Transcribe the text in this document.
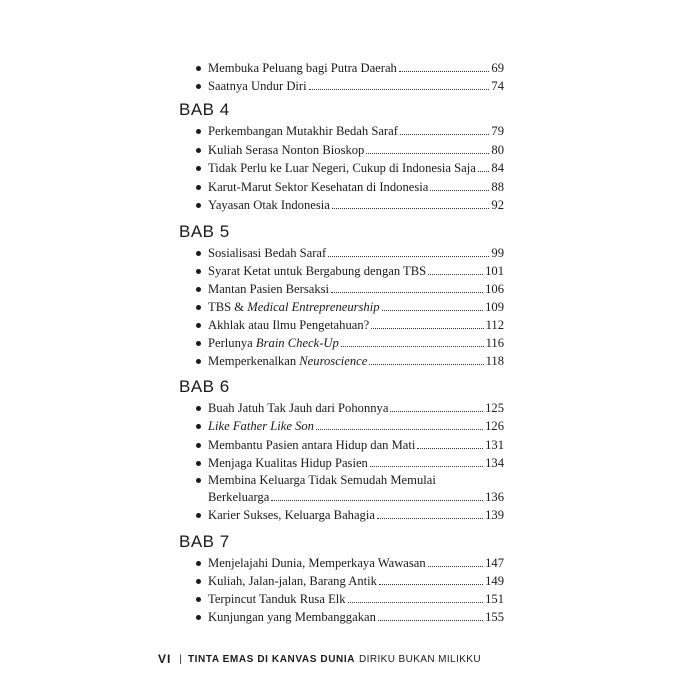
Membuka Peluang bagi Putra Daerah	69
Saatnya Undur Diri	74
BAB 4
Perkembangan Mutakhir Bedah Saraf	79
Kuliah Serasa Nonton Bioskop	80
Tidak Perlu ke Luar Negeri, Cukup di Indonesia Saja 84
Karut-Marut Sektor Kesehatan di Indonesia	88
Yayasan Otak Indonesia	92
BAB 5
Sosialisasi Bedah Saraf	99
Syarat Ketat untuk Bergabung dengan TBS	101
Mantan Pasien Bersaksi	106
TBS & Medical Entrepreneurship	109
Akhlak atau Ilmu Pengetahuan?	112
Perlunya Brain Check-Up	116
Memperkenalkan Neuroscience	118
BAB 6
Buah Jatuh Tak Jauh dari Pohonnya	125
Like Father Like Son	126
Membantu Pasien antara Hidup dan Mati	131
Menjaga Kualitas Hidup Pasien	134
Membina Keluarga Tidak Semudah Memulai
Berkeluarga	136
Karier Sukses, Keluarga Bahagia	139
BAB 7
Menjelajahi Dunia, Memperkaya Wawasan	147
Kuliah, Jalan-jalan, Barang Antik	149
Terpincut Tanduk Rusa Elk	151
Kunjungan yang Membanggakan	155
VI | TINTA EMAS DI KANVAS DUNIA DIRIKU BUKAN MILIKKU
